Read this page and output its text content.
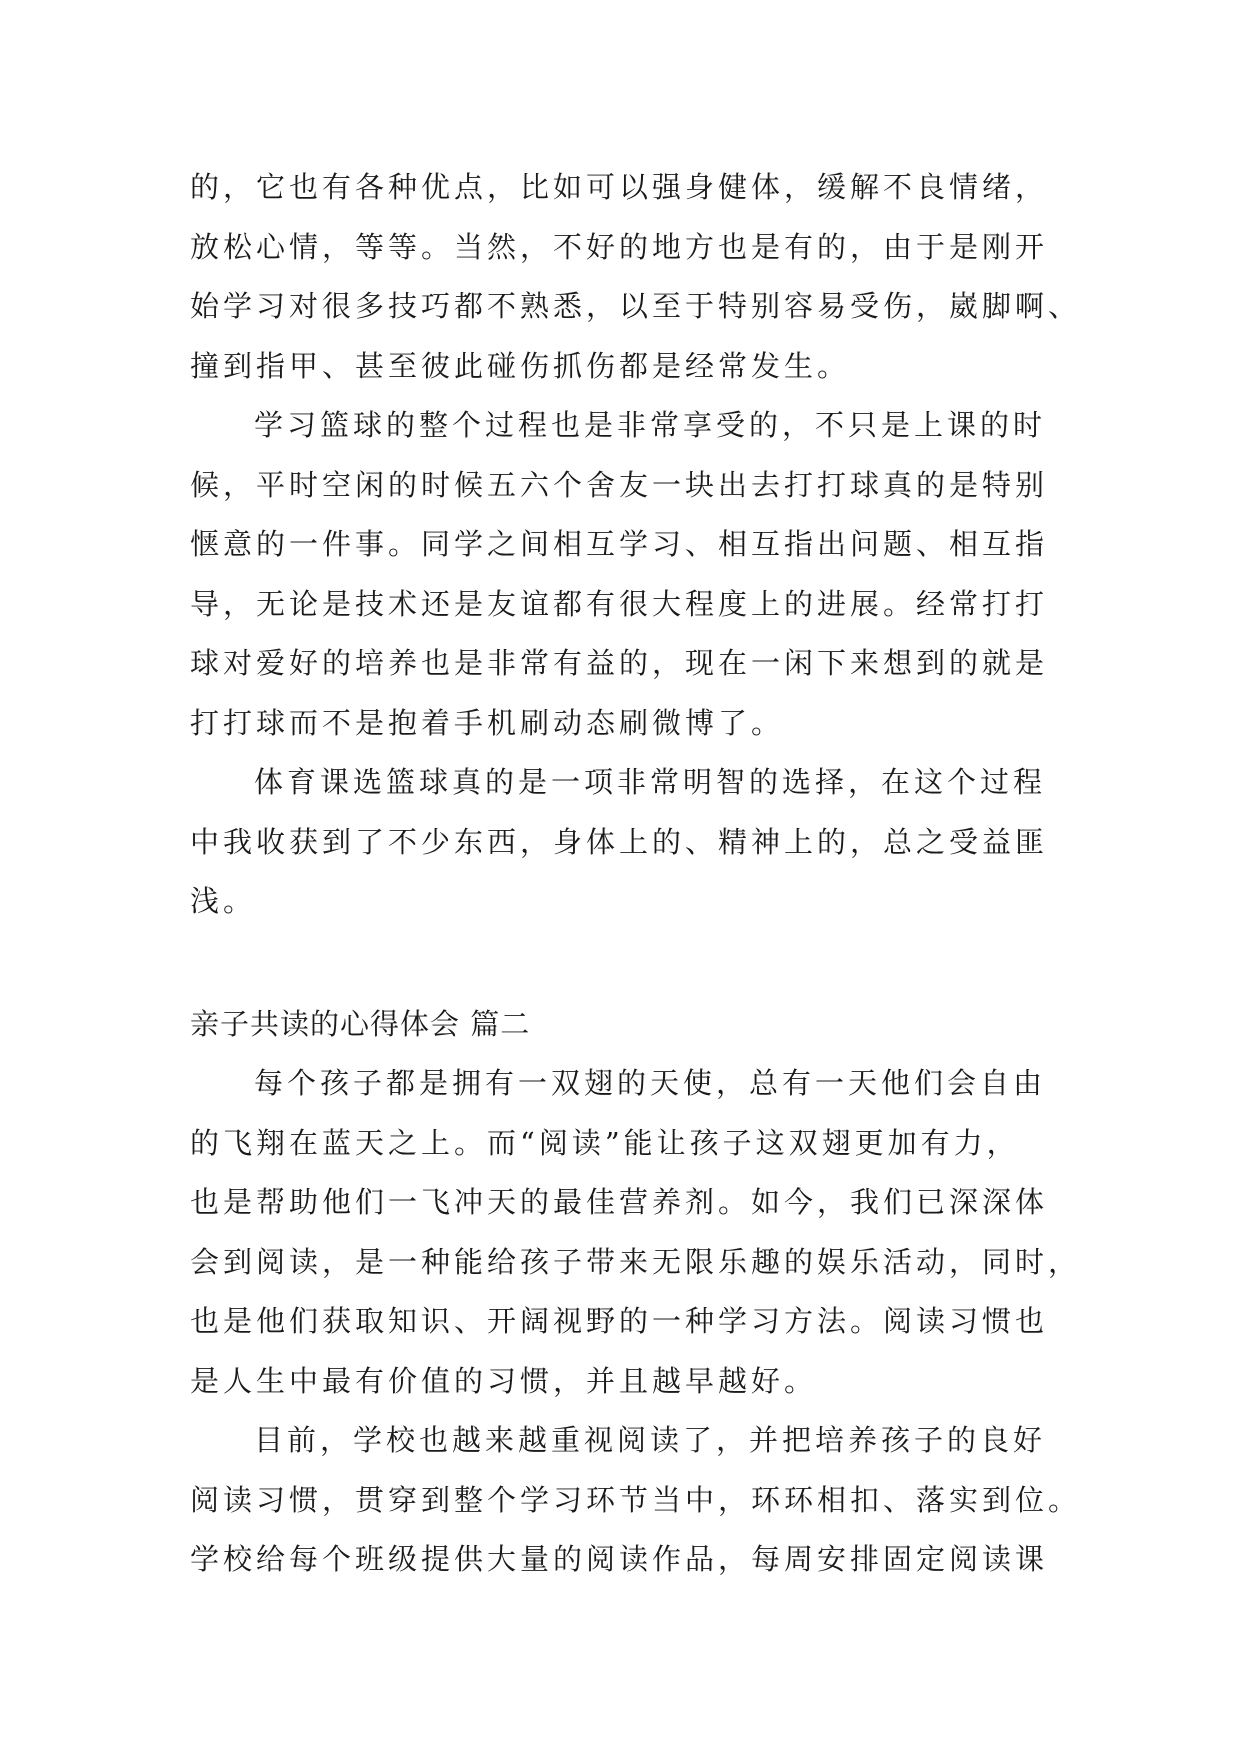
的，它也有各种优点，比如可以强身健体，缓解不良情绪，
放松心情，等等。当然，不好的地方也是有的，由于是刚开
始学习对很多技巧都不熟悉，以至于特别容易受伤，崴脚啊、
撞到指甲、甚至彼此碰伤抓伤都是经常发生。
学习篮球的整个过程也是非常享受的，不只是上课的时
候，平时空闲的时候五六个舍友一块出去打打球真的是特别
惬意的一件事。同学之间相互学习、相互指出问题、相互指
导，无论是技术还是友谊都有很大程度上的进展。经常打打
球对爱好的培养也是非常有益的，现在一闲下来想到的就是
打打球而不是抱着手机刷动态刷微博了。
体育课选篮球真的是一项非常明智的选择，在这个过程
中我收获到了不少东西，身体上的、精神上的，总之受益匪
浅。
亲子共读的心得体会 篇二
每个孩子都是拥有一双翅的天使，总有一天他们会自由
的飞翔在蓝天之上。而“阅读”能让孩子这双翅更加有力，
也是帮助他们一飞冲天的最佳营养剂。如今，我们已深深体
会到阅读，是一种能给孩子带来无限乐趣的娱乐活动，同时，
也是他们获取知识、开阔视野的一种学习方法。阅读习惯也
是人生中最有价值的习惯，并且越早越好。
目前，学校也越来越重视阅读了，并把培养孩子的良好
阅读习惯，贯穿到整个学习环节当中，环环相扣、落实到位。
学校给每个班级提供大量的阅读作品，每周安排固定阅读课
